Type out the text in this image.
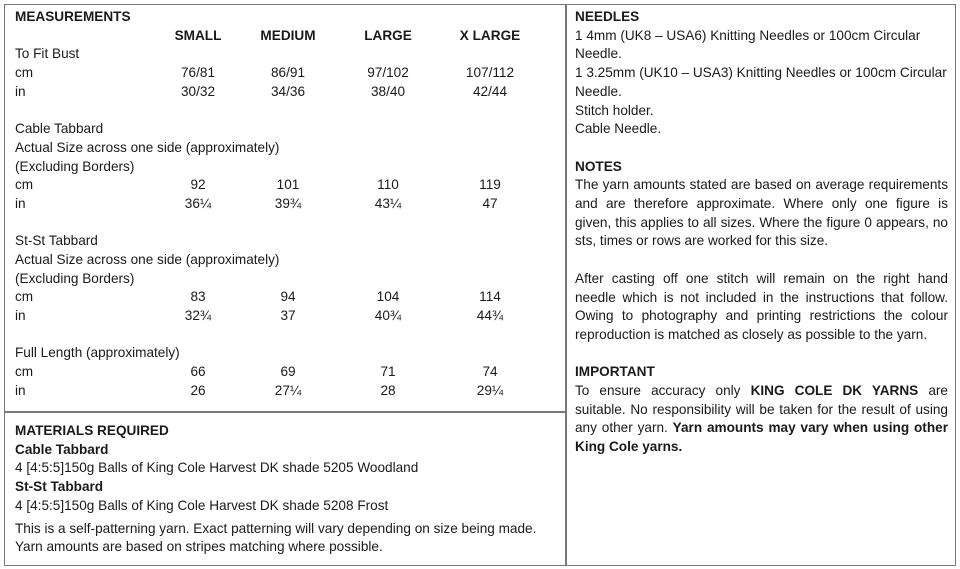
MEASUREMENTS
SMALL	MEDIUM	LARGE	X LARGE
To Fit Bust
cm	76/81	86/91	97/102	107/112
in	30/32	34/36	38/40	42/44
Cable Tabbard
Actual Size across one side (approximately)
(Excluding Borders)
cm	92	101	110	119
in	36¼	39¾	43¼	47
St-St Tabbard
Actual Size across one side (approximately)
(Excluding Borders)
cm	83	94	104	114
in	32¾	37	40¾	44¾
Full Length (approximately)
cm	66	69	71	74
in	26	27¼	28	29¼
MATERIALS REQUIRED
Cable Tabbard
4 [4:5:5]150g Balls of King Cole Harvest DK shade 5205 Woodland
St-St Tabbard
4 [4:5:5]150g Balls of King Cole Harvest DK shade 5208 Frost
This is a self-patterning yarn. Exact patterning will vary depending on size being made. Yarn amounts are based on stripes matching where possible.

NEEDLES

1 4mm (UK8 – USA6) Knitting Needles or 100cm Circular Needle.

1 3.25mm (UK10 – USA3) Knitting Needles or 100cm Circular Needle.

Stitch holder.

Cable Needle.

NOTES

The yarn amounts stated are based on average requirements and are therefore approximate. Where only one figure is given, this applies to all sizes. Where the figure 0 appears, no sts, times or rows are worked for this size.

After casting off one stitch will remain on the right hand needle which is not included in the instructions that follow. Owing to photography and printing restrictions the colour reproduction is matched as closely as possible to the yarn.

IMPORTANT

To ensure accuracy only KING COLE DK YARNS are suitable. No responsibility will be taken for the result of using any other yarn. Yarn amounts may vary when using other King Cole yarns.
